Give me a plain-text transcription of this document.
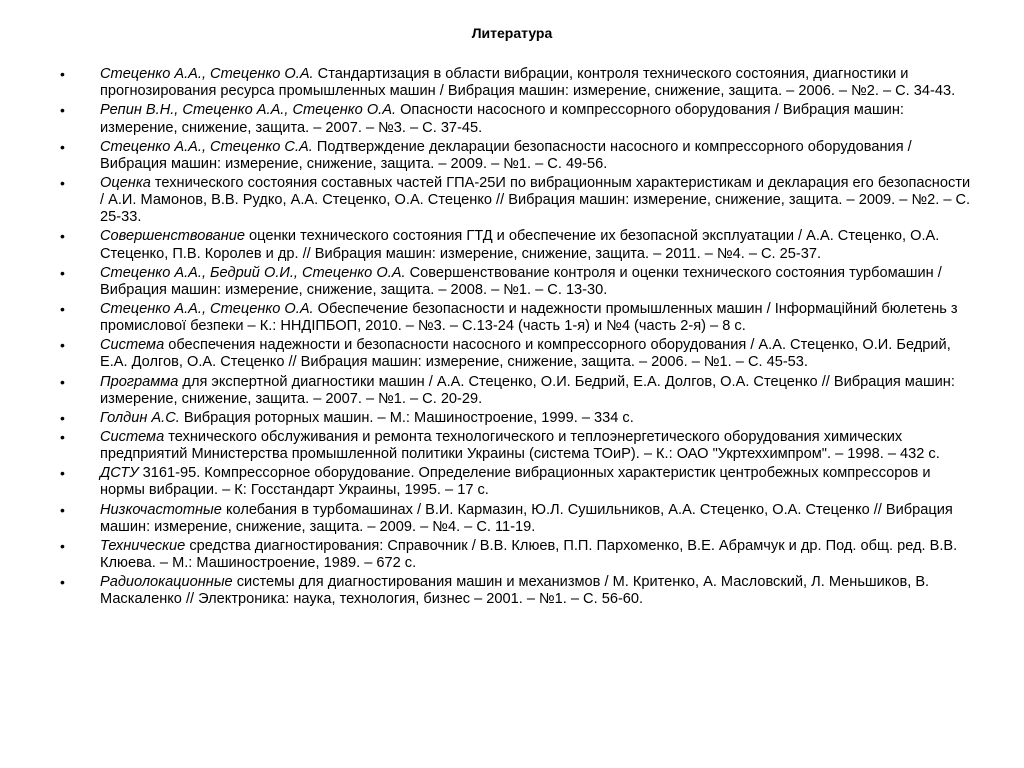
Литература
• Стеценко А.А., Стеценко О.А. Стандартизация в области вибрации, контроля технического состояния, диагностики и прогнозирования ресурса промышленных машин / Вибрация машин: измерение, снижение, защита. – 2006. – №2. – С. 34-43.
• Репин В.Н., Стеценко А.А., Стеценко О.А. Опасности насосного и компрессорного оборудования / Вибрация машин: измерение, снижение, защита. – 2007. – №3. – С. 37-45.
• Стеценко А.А., Стеценко С.А. Подтверждение декларации безопасности насосного и компрессорного оборудования / Вибрация машин: измерение, снижение, защита. – 2009. – №1. – С. 49-56.
• Оценка технического состояния составных частей ГПА-25И по вибрационным характеристикам и декларация его безопасности / А.И. Мамонов, В.В. Рудко, А.А. Стеценко, О.А. Стеценко // Вибрация машин: измерение, снижение, защита. – 2009. – №2. – С. 25-33.
• Совершенствование оценки технического состояния ГТД и обеспечение их безопасной эксплуатации / А.А. Стеценко, О.А. Стеценко, П.В. Королев и др. // Вибрация машин: измерение, снижение, защита. – 2011. – №4. – С. 25-37.
• Стеценко А.А., Бедрий О.И., Стеценко О.А. Совершенствование контроля и оценки технического состояния турбомашин / Вибрация машин: измерение, снижение, защита. – 2008. – №1. – С. 13-30.
• Стеценко А.А., Стеценко О.А. Обеспечение безопасности и надежности промышленных машин / Інформаційний бюлетень з промислової безпеки – К.: ННДІПБОП, 2010. – №3. – С.13-24 (часть 1-я) и №4 (часть 2-я) – 8 с.
• Система обеспечения надежности и безопасности насосного и компрессорного оборудования / А.А. Стеценко, О.И. Бедрий, Е.А. Долгов, О.А. Стеценко // Вибрация машин: измерение, снижение, защита. – 2006. – №1. – С. 45-53.
• Программа для экспертной диагностики машин / А.А. Стеценко, О.И. Бедрий, Е.А. Долгов, О.А. Стеценко // Вибрация машин: измерение, снижение, защита. – 2007. – №1. – С. 20-29.
• Голдин А.С. Вибрация роторных машин. – М.: Машиностроение, 1999. – 334 с.
• Система технического обслуживания и ремонта технологического и теплоэнергетического оборудования химических предприятий Министерства промышленной политики Украины (система ТОиР). – К.: ОАО "Укртеххимпром". – 1998. – 432 с.
• ДСТУ 3161-95. Компрессорное оборудование. Определение вибрационных характеристик центробежных компрессоров и нормы вибрации. – К: Госстандарт Украины, 1995. – 17 с.
• Низкочастотные колебания в турбомашинах / В.И. Кармазин, Ю.Л. Сушильников, А.А. Стеценко, О.А. Стеценко // Вибрация машин: измерение, снижение, защита. – 2009. – №4. – С. 11-19.
• Технические средства диагностирования: Справочник / В.В. Клюев, П.П. Пархоменко, В.Е. Абрамчук и др. Под. общ. ред. В.В. Клюева. – М.: Машиностроение, 1989. – 672 с.
• Радиолокационные системы для диагностирования машин и механизмов / М. Критенко, А. Масловский, Л. Меньшиков, В. Маскаленко // Электроника: наука, технология, бизнес – 2001. – №1. – С. 56-60.
